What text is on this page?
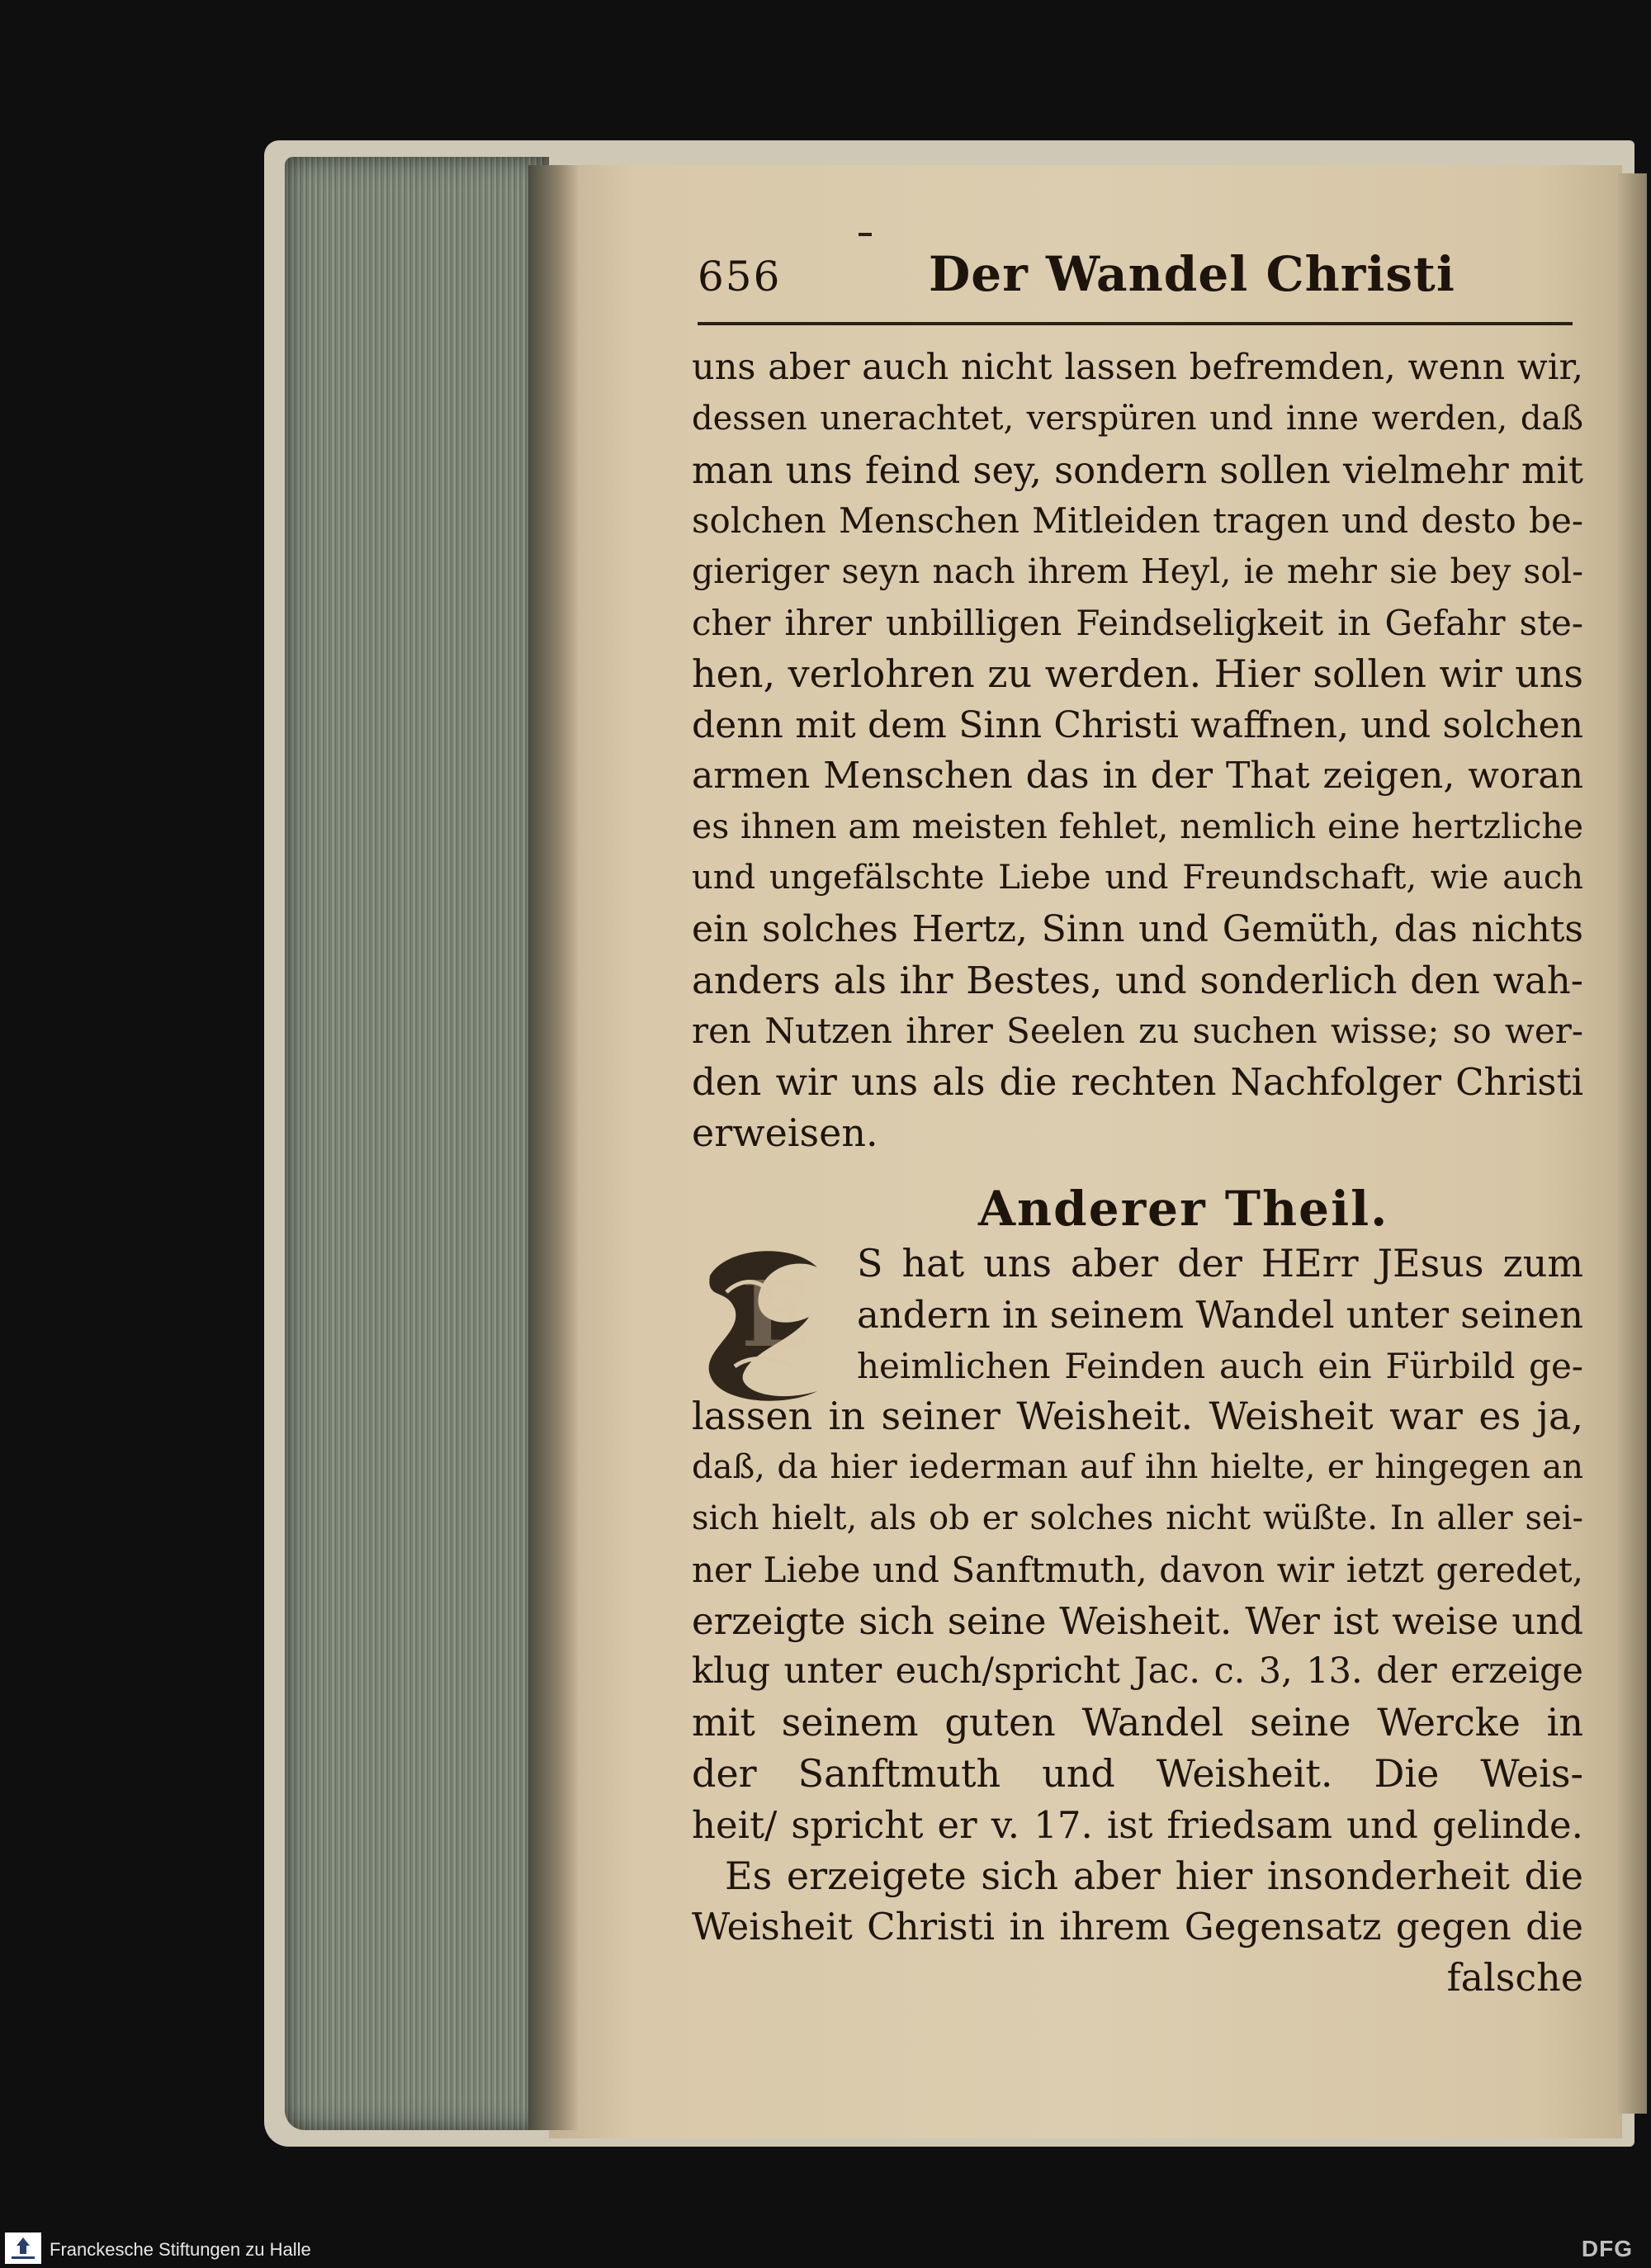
656	Der Wandel Christi
uns aber auch nicht lassen befremden, wenn wir,
dessen unerachtet, verspüren und inne werden, daß
man uns feind sey, sondern sollen vielmehr mit
solchen Menschen Mitleiden tragen und desto be-
gieriger seyn nach ihrem Heyl, ie mehr sie bey sol-
cher ihrer unbilligen Feindseligkeit in Gefahr ste-
hen, verlohren zu werden. Hier sollen wir uns
denn mit dem Sinn Christi waffnen, und solchen
armen Menschen das in der That zeigen, woran
es ihnen am meisten fehlet, nemlich eine hertzliche
und ungefälschte Liebe und Freundschaft, wie auch
ein solches Hertz, Sinn und Gemüth, das nichts
anders als ihr Bestes, und sonderlich den wah-
ren Nutzen ihrer Seelen zu suchen wisse; so wer-
den wir uns als die rechten Nachfolger Christi
erweisen.
Anderer Theil.
E	S hat uns aber der HErr JEsus zum
andern in seinem Wandel unter seinen
heimlichen Feinden auch ein Fürbild ge-
lassen in seiner Weisheit. Weisheit war es ja,
daß, da hier iederman auf ihn hielte, er hingegen an
sich hielt, als ob er solches nicht wüßte. In aller sei-
ner Liebe und Sanftmuth, davon wir ietzt geredet,
erzeigte sich seine Weisheit. Wer ist weise und
klug unter euch/spricht Jac. c. 3, 13. der erzeige
mit seinem guten Wandel seine Wercke in
der Sanftmuth und Weisheit. Die Weis-
heit/ spricht er v. 17. ist friedsam und gelinde.
Es erzeigete sich aber hier insonderheit die
Weisheit Christi in ihrem Gegensatz gegen die
falsche
Franckesche Stiftungen zu Halle	DFG
